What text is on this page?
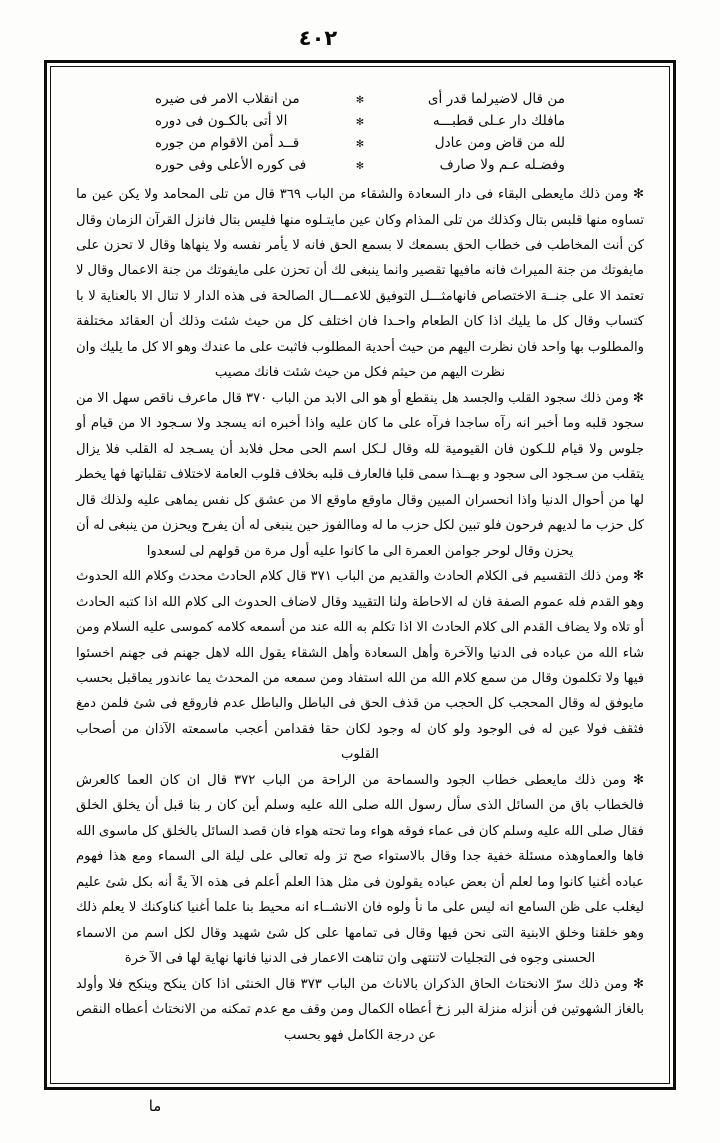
٤٠٢
من قال لاضيرلما قدر أى
✻
من انقلاب الامر فى ضيره
مافلك دار عـلى قطبـــه
✻
الا أتى بالكـون فى دوره
لله من قاض ومن عادل
✻
قــد أمن الاقوام من جوره
وفضـله عـم ولا صارف
✻
فى كوره الأعلى وفى حوره

✻ ومن ذلك مايعطى البقاء فى دار السعادة والشقاء من الباب ٣٦٩ قال من تلى المحامد ولا يكن عين ما تساوه منها قلبس بتال وكذلك من تلى المذام وكان عين مايتـلوه منها فليس بتال فانزل القرآن الزمان وقال كن أنت المخاطب فى خطاب الحق بسمعك لا بسمع الحق فانه لا يأمر نفسه ولا ينهاها وقال لا تحزن على مايفوتك من جنة الميراث فانه مافيها تقصير وانما ينبغى لك أن تحزن على مايفوتك من جنة الاعمال وقال لا تعتمد الا على جنــة الاختصاص فانهامثـــل التوفيق للاعمـــال الصالحة فى هذه الدار لا تنال الا بالعناية لا با كتساب وقال كل ما يليك اذا كان الطعام واحـدا فان اختلف كل من حيث شئت وذلك أن العقائد مختلفة والمطلوب بها واحد فان نظرت اليهم من حيث أحدية المطلوب فاثبت على ما عندك وهو الا كل ما يليك وان نظرت اليهم من حيثم فكل من حيث شئت فانك مصيب

✻ ومن ذلك سجود القلب والجسد هل ينقطع أو هو الى الابد من الباب ٣٧٠ قال ماعرف ناقص سهل الا من سجود قلبه وما أخبر انه رآه ساجدا فرآه على ما كان عليه واذا أخبره انه يسجد ولا سـجود الا من قيام أو جلوس ولا قيام للـكون فان القيومية لله وقال لـكل اسم الحى محل فلابد أن يسـجد له القلب فلا يزال يتقلب من سـجود الى سجود و بهــذا سمى قلبا فالعارف قلبه بخلاف قلوب العامة لاختلاف تقلباتها فها يخطر لها من أحوال الدنيا واذا انحسران المبين وقال ماوقع ماوقع الا من عشق كل نفس يماهى عليه ولذلك قال كل حزب ما لديهم فرحون فلو تبين لكل حزب ما له وماالفوز حين ينبغى له أن يفرح ويحزن من ينبغى له أن يحزن وقال لوحر جوامن العمرة الى ما كانوا عليه أول مرة من قولهم لى لسعدوا

✻ ومن ذلك التقسيم فى الكلام الحادث والقديم من الباب ٣٧١ قال كلام الحادث محدث وكلام الله الحدوث وهو القدم فله عموم الصفة فان له الاحاطة ولنا التقييد وقال لاضاف الحدوث الى كلام الله اذا كتبه الحادث أو تلاه ولا يضاف القدم الى كلام الحادث الا اذا تكلم به الله عند من أسمعه كلامه كموسى عليه السلام ومن شاء الله من عباده فى الدنيا والآخرة وأهل السعادة وأهل الشقاء يقول الله لاهل جهنم فى جهنم اخسئوا فيها ولا تكلمون وقال من سمع كلام الله من الله استفاد ومن سمعه من المحدث يما عاندور يماقبل بحسب مايوفق له وقال المحجب كل الحجب من قذف الحق فى الباطل والباطل عدم فاروقع فى شئ فلمن دمغ فثقف فولا عين له فى الوجود ولو كان له وجود لكان حقا فقدامن أعجب ماسمعته الآذان من أصحاب القلوب

✻ ومن ذلك مايعطى خطاب الجود والسماحة من الراحة من الباب ٣٧٢ قال ان كان العما كالعرش فالخطاب باق من السائل الذى سأل رسول الله صلى الله عليه وسلم أين كان ر بنا قبل أن يخلق الخلق فقال صلى الله عليه وسلم كان فى عماء فوقه هواء وما تحته هواء فان قصد السائل بالخلق كل ماسوى الله فاها والعماوهذه مسئلة خفية جدا وقال بالاستواء صح تز وله تعالى على ليلة الى السماء ومع هذا فهوم عباده أغنيا كانوا وما لعلم أن بعض عباده يقولون فى مثل هذا العلم أعلم فى هذه الآ يةً أنه بكل شئ عليم ليغلب على ظن السامع انه ليس على ما نأ ولوه فان الانشــاء انه محيط بنا علما أغنيا كناوكنك لا يعلم ذلك وهو خلقنا وخلق الابنية التى نحن فيها وقال فى تمامها على كل شئ شهيد وقال لكل اسم من الاسماء الحسنى وجوه فى التجليات لاتنتهى وان تناهت الاعمار فى الدنيا فانها نهاية لها فى الآ خرة

✻ ومن ذلك سرّ الانختاث الحاق الذكران بالاناث من الباب ٣٧٣ قال الخنثى اذا كان ينكح وينكح فلا وأولد بالغاز الشهوتين فن أنزله منزلة البر زخ أعطاه الكمال ومن وقف مع عدم تمكنه من الانختاث أعطاه النقص عن درجة الكامل فهو بحسب

ما
